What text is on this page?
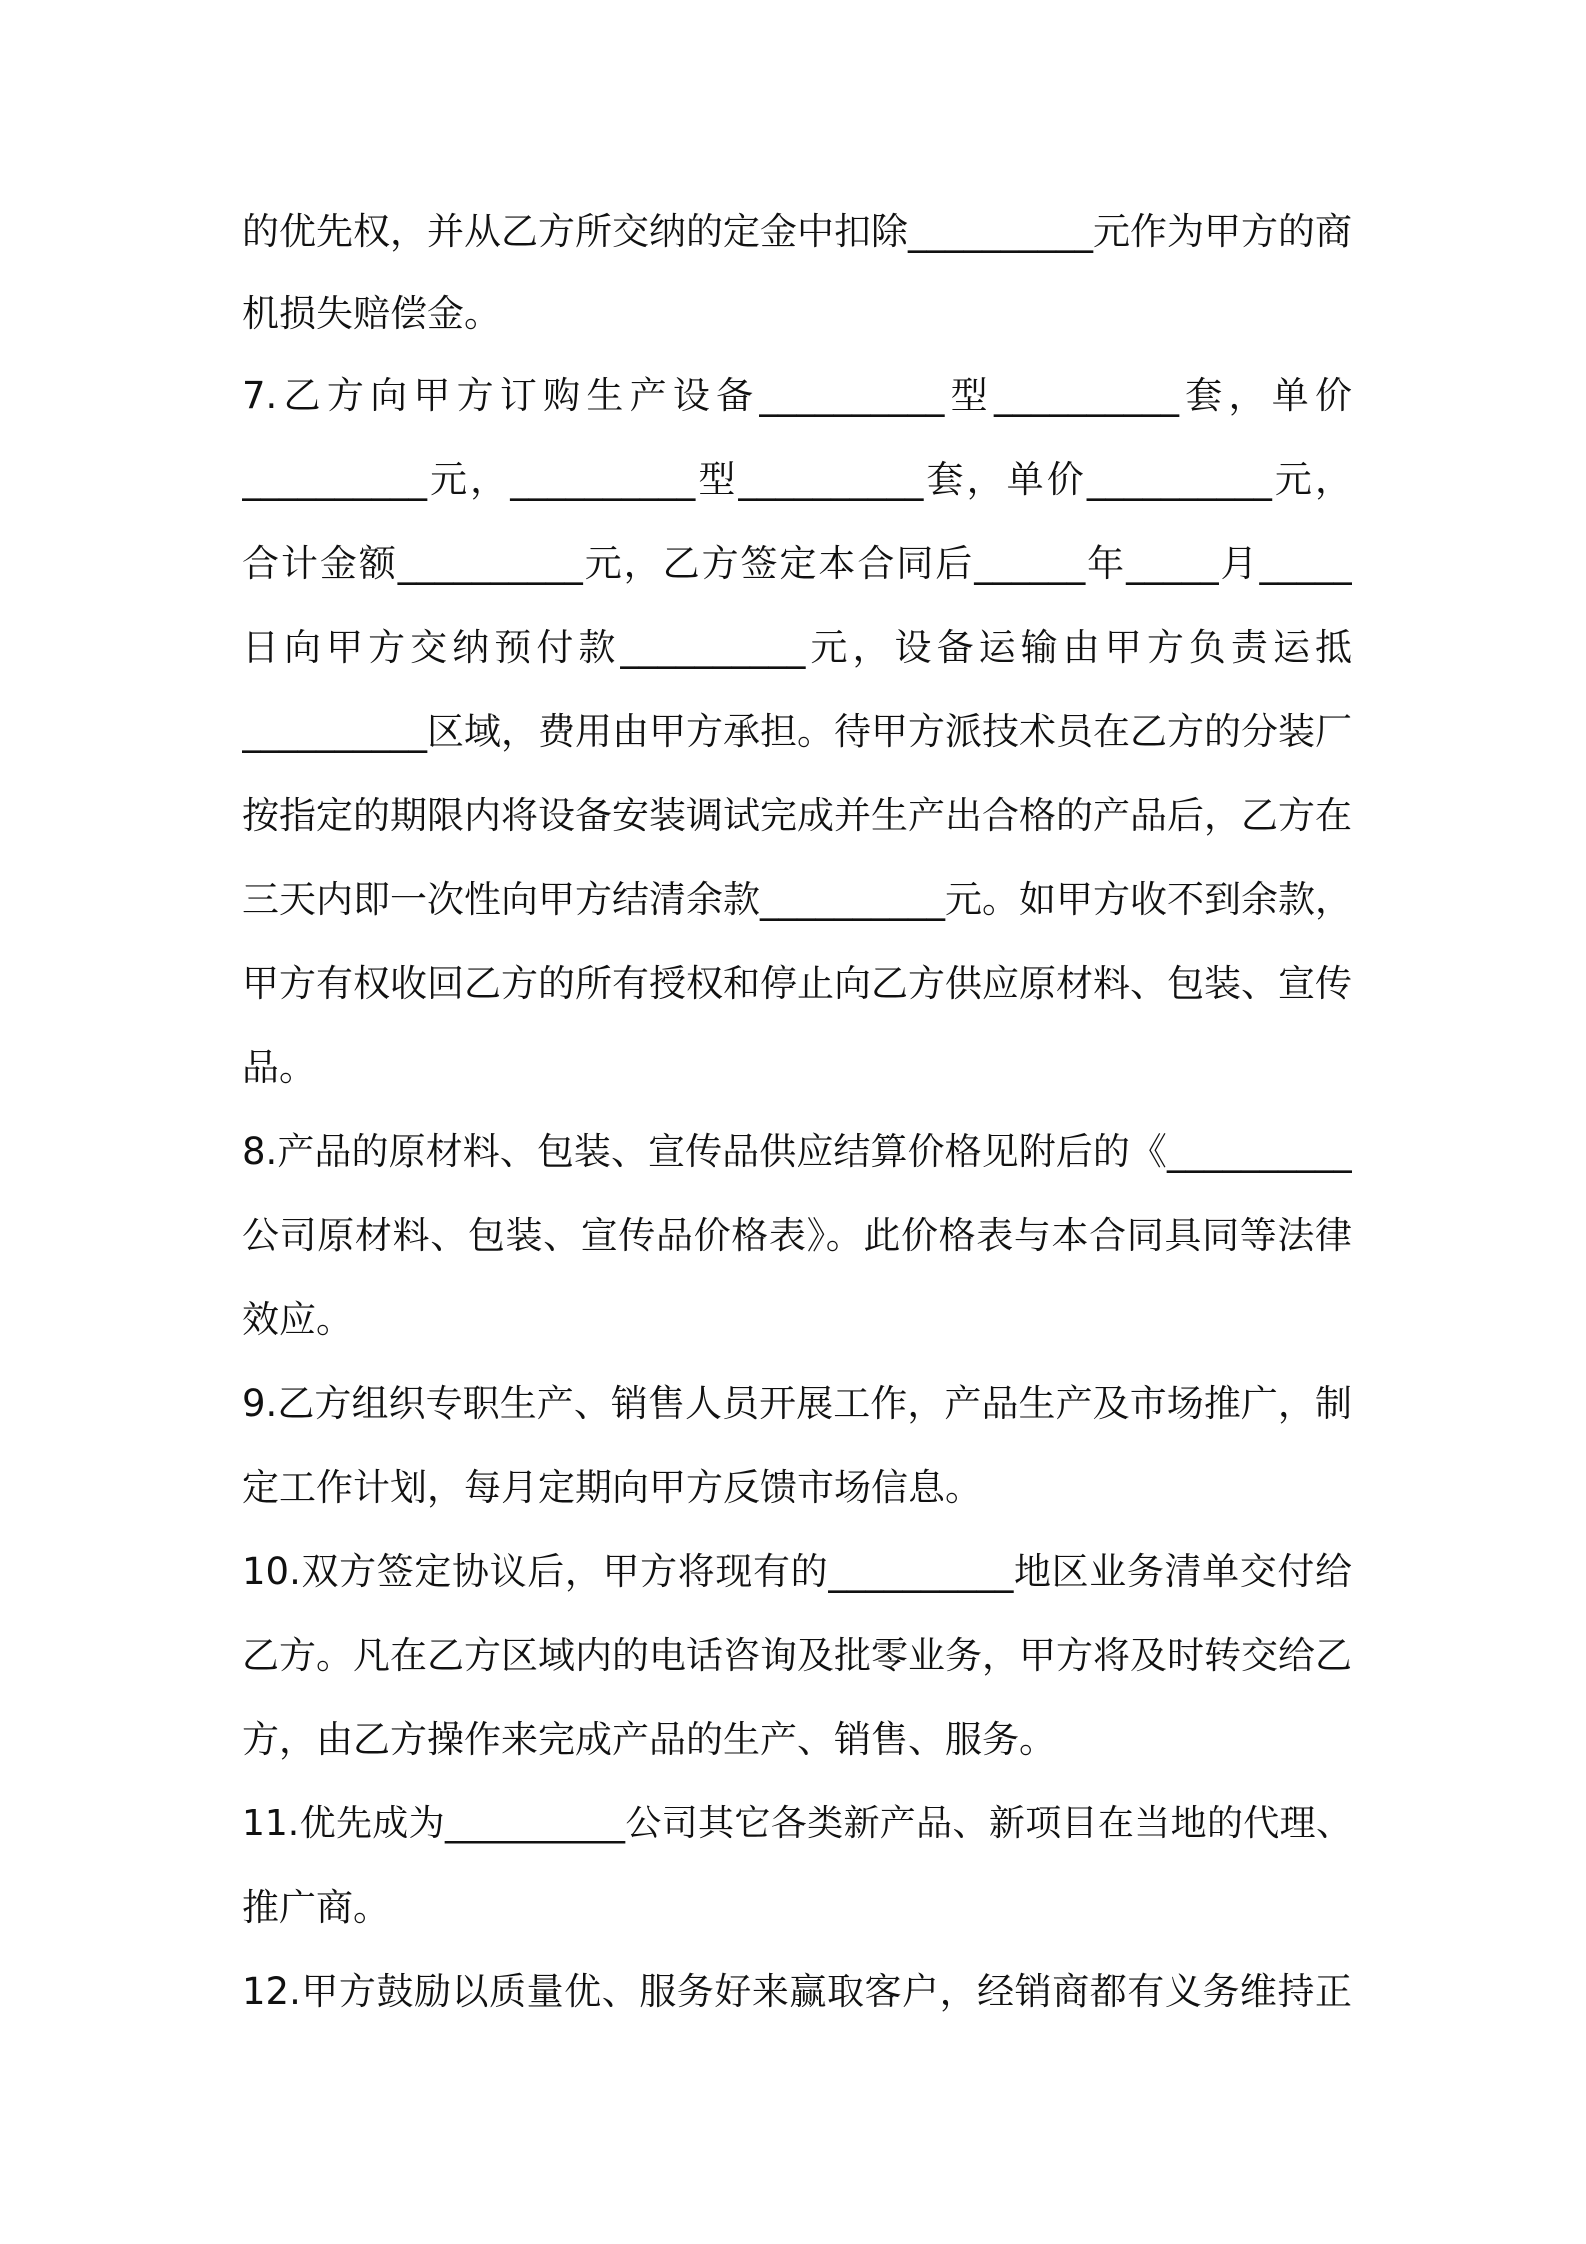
的优先权，并从乙方所交纳的定金中扣除__________元作为甲方的商
机损失赔偿金。
7.乙方向甲方订购生产设备__________型__________套，单价
__________元，__________型__________套，单价__________元，
合计金额__________元，乙方签定本合同后______年_____月_____
日向甲方交纳预付款__________元，设备运输由甲方负责运抵
__________区域，费用由甲方承担。待甲方派技术员在乙方的分装厂
按指定的期限内将设备安装调试完成并生产出合格的产品后，乙方在
三天内即一次性向甲方结清余款__________元。如甲方收不到余款，
甲方有权收回乙方的所有授权和停止向乙方供应原材料、包装、宣传
品。
8.产品的原材料、包装、宣传品供应结算价格见附后的《__________
公司原材料、包装、宣传品价格表》。此价格表与本合同具同等法律
效应。
9.乙方组织专职生产、销售人员开展工作，产品生产及市场推广，制
定工作计划，每月定期向甲方反馈市场信息。
10.双方签定协议后，甲方将现有的__________地区业务清单交付给
乙方。凡在乙方区域内的电话咨询及批零业务，甲方将及时转交给乙
方，由乙方操作来完成产品的生产、销售、服务。
11.优先成为__________公司其它各类新产品、新项目在当地的代理、
推广商。
12.甲方鼓励以质量优、服务好来赢取客户，经销商都有义务维持正
